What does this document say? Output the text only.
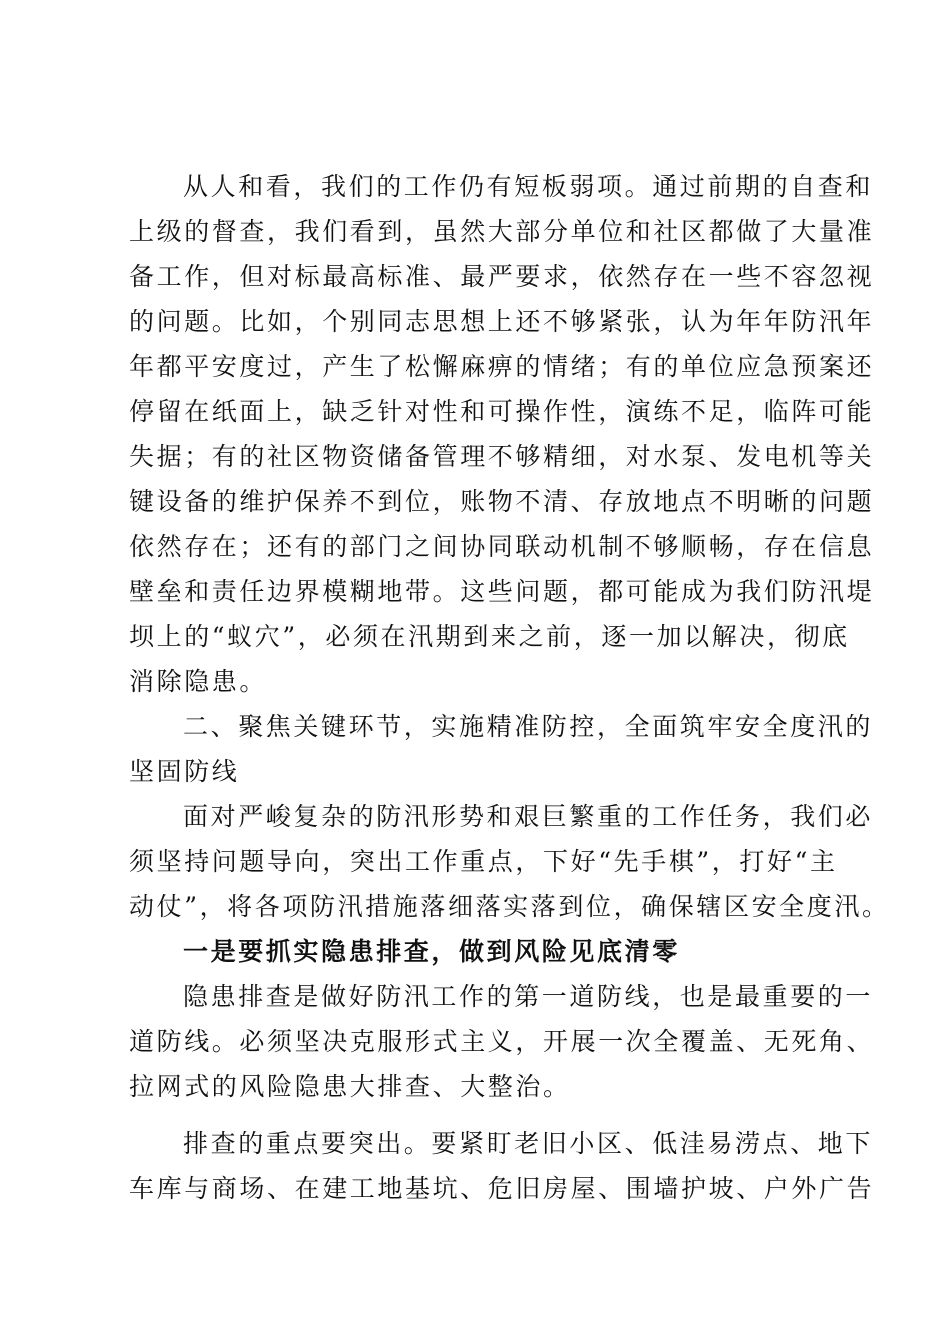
从人和看，我们的工作仍有短板弱项。通过前期的自查和
上级的督查，我们看到，虽然大部分单位和社区都做了大量准
备工作，但对标最高标准、最严要求，依然存在一些不容忽视
的问题。比如，个别同志思想上还不够紧张，认为年年防汛年
年都平安度过，产生了松懈麻痹的情绪；有的单位应急预案还
停留在纸面上，缺乏针对性和可操作性，演练不足，临阵可能
失据；有的社区物资储备管理不够精细，对水泵、发电机等关
键设备的维护保养不到位，账物不清、存放地点不明晰的问题
依然存在；还有的部门之间协同联动机制不够顺畅，存在信息
壁垒和责任边界模糊地带。这些问题，都可能成为我们防汛堤
坝上的“蚁穴”，必须在汛期到来之前，逐一加以解决，彻底
消除隐患。
二、聚焦关键环节，实施精准防控，全面筑牢安全度汛的
坚固防线
面对严峻复杂的防汛形势和艰巨繁重的工作任务，我们必
须坚持问题导向，突出工作重点，下好“先手棋”，打好“主
动仗”，将各项防汛措施落细落实落到位，确保辖区安全度汛。
一是要抓实隐患排查，做到风险见底清零
隐患排查是做好防汛工作的第一道防线，也是最重要的一
道防线。必须坚决克服形式主义，开展一次全覆盖、无死角、
拉网式的风险隐患大排查、大整治。
排查的重点要突出。要紧盯老旧小区、低洼易涝点、地下
车库与商场、在建工地基坑、危旧房屋、围墙护坡、户外广告
